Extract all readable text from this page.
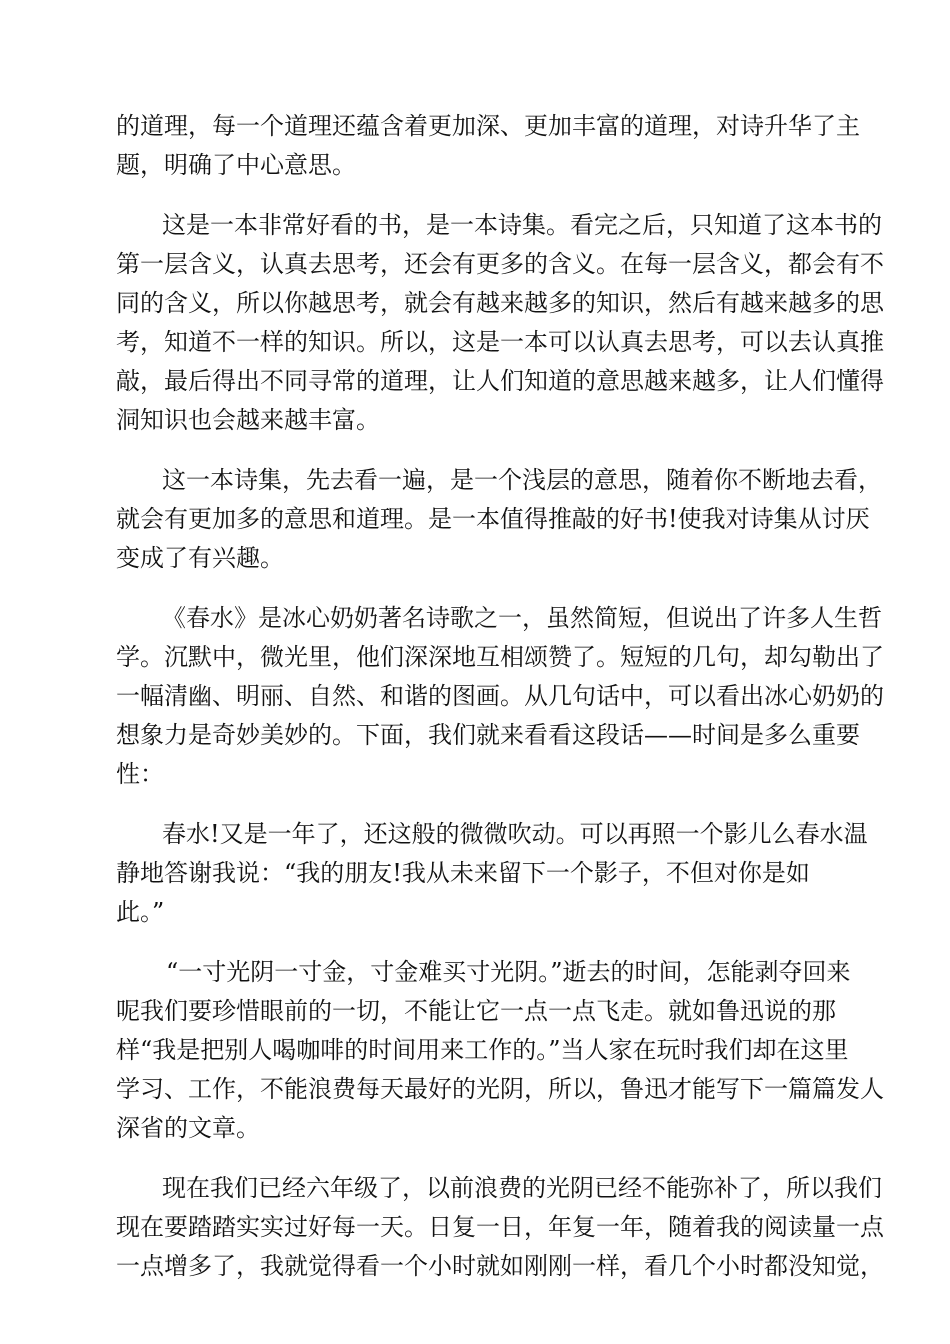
的道理，每一个道理还蕴含着更加深、更加丰富的道理，对诗升华了主
题，明确了中心意思。

这是一本非常好看的书，是一本诗集。看完之后，只知道了这本书的
第一层含义，认真去思考，还会有更多的含义。在每一层含义，都会有不
同的含义，所以你越思考，就会有越来越多的知识，然后有越来越多的思
考，知道不一样的知识。所以，这是一本可以认真去思考，可以去认真推
敲，最后得出不同寻常的道理，让人们知道的意思越来越多，让人们懂得
洞知识也会越来越丰富。

这一本诗集，先去看一遍，是一个浅层的意思，随着你不断地去看，
就会有更加多的意思和道理。是一本值得推敲的好书!使我对诗集从讨厌
变成了有兴趣。

《春水》是冰心奶奶著名诗歌之一，虽然简短，但说出了许多人生哲
学。沉默中，微光里，他们深深地互相颂赞了。短短的几句，却勾勒出了
一幅清幽、明丽、自然、和谐的图画。从几句话中，可以看出冰心奶奶的
想象力是奇妙美妙的。下面，我们就来看看这段话——时间是多么重要
性：

春水!又是一年了，还这般的微微吹动。可以再照一个影儿么春水温
静地答谢我说：“我的朋友!我从未来留下一个影子，不但对你是如
此。”

“一寸光阴一寸金，寸金难买寸光阴。”逝去的时间，怎能剥夺回来
呢我们要珍惜眼前的一切，不能让它一点一点飞走。就如鲁迅说的那
样“我是把别人喝咖啡的时间用来工作的。”当人家在玩时我们却在这里
学习、工作，不能浪费每天最好的光阴，所以，鲁迅才能写下一篇篇发人
深省的文章。

现在我们已经六年级了，以前浪费的光阴已经不能弥补了，所以我们
现在要踏踏实实过好每一天。日复一日，年复一年，随着我的阅读量一点
一点增多了，我就觉得看一个小时就如刚刚一样，看几个小时都没知觉，
